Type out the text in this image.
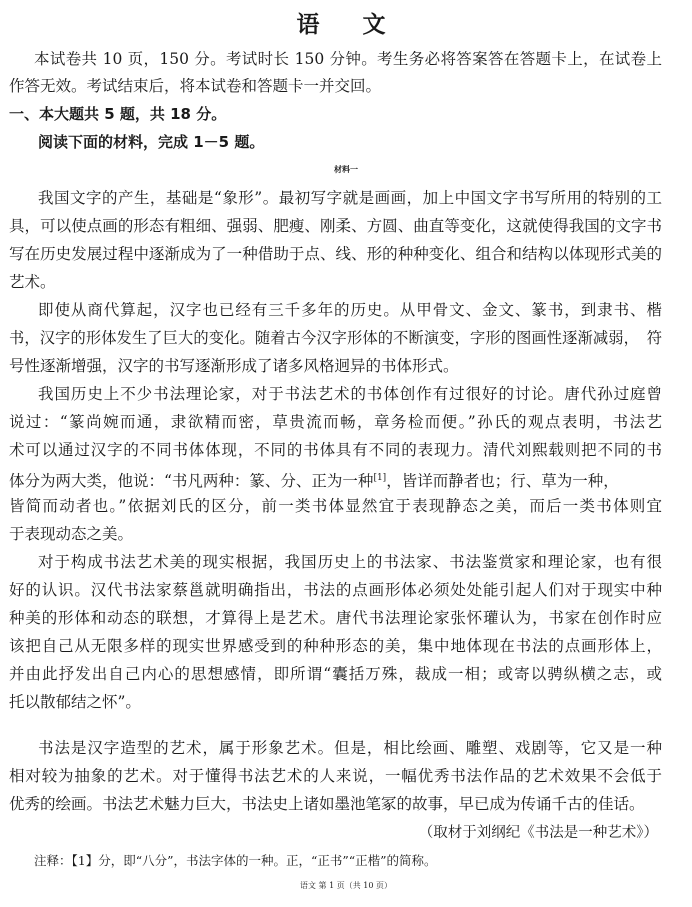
语　文
本试卷共 10 页，150 分。考试时长 150 分钟。考生务必将答案答在答题卡上，在试卷上
作答无效。考试结束后，将本试卷和答题卡一并交回。
一、本大题共 5 题，共 18 分。
阅读下面的材料，完成 1－5 题。
材料一
我国文字的产生，基础是“象形”。最初写字就是画画，加上中国文字书写所用的特别的工
具，可以使点画的形态有粗细、强弱、肥瘦、刚柔、方圆、曲直等变化，这就使得我国的文字书
写在历史发展过程中逐渐成为了一种借助于点、线、形的种种变化、组合和结构以体现形式美的
艺术。
即使从商代算起，汉字也已经有三千多年的历史。从甲骨文、金文、篆书，到隶书、楷
书，汉字的形体发生了巨大的变化。随着古今汉字形体的不断演变，字形的图画性逐渐减弱，　符
号性逐渐增强，汉字的书写逐渐形成了诸多风格迥异的书体形式。
我国历史上不少书法理论家，对于书法艺术的书体创作有过很好的讨论。唐代孙过庭曾
说过：“篆尚婉而通，隶欲精而密，草贵流而畅，章务检而便。”孙氏的观点表明，书法艺
术可以通过汉字的不同书体体现，不同的书体具有不同的表现力。清代刘熙载则把不同的书
体分为两大类，他说：“书凡两种：篆、分、正为一种[1]，皆详而静者也；行、草为一种，
皆简而动者也。”依据刘氏的区分，前一类书体显然宜于表现静态之美，而后一类书体则宜
于表现动态之美。
对于构成书法艺术美的现实根据，我国历史上的书法家、书法鉴赏家和理论家，也有很
好的认识。汉代书法家蔡邕就明确指出，书法的点画形体必须处处能引起人们对于现实中种
种美的形体和动态的联想，才算得上是艺术。唐代书法理论家张怀瓘认为，书家在创作时应
该把自己从无限多样的现实世界感受到的种种形态的美，集中地体现在书法的点画形体上，
并由此抒发出自己内心的思想感情，即所谓“囊括万殊，裁成一相；或寄以骋纵横之志，或
托以散郁结之怀”。
书法是汉字造型的艺术，属于形象艺术。但是，相比绘画、雕塑、戏剧等，它又是一种
相对较为抽象的艺术。对于懂得书法艺术的人来说，一幅优秀书法作品的艺术效果不会低于
优秀的绘画。书法艺术魅力巨大，书法史上诸如墨池笔冢的故事，早已成为传诵千古的佳话。
（取材于刘纲纪《书法是一种艺术》）
注释：【1】分，即“八分”，书法字体的一种。正，“正书”“正楷”的简称。
语文 第 1 页（共 10 页）
